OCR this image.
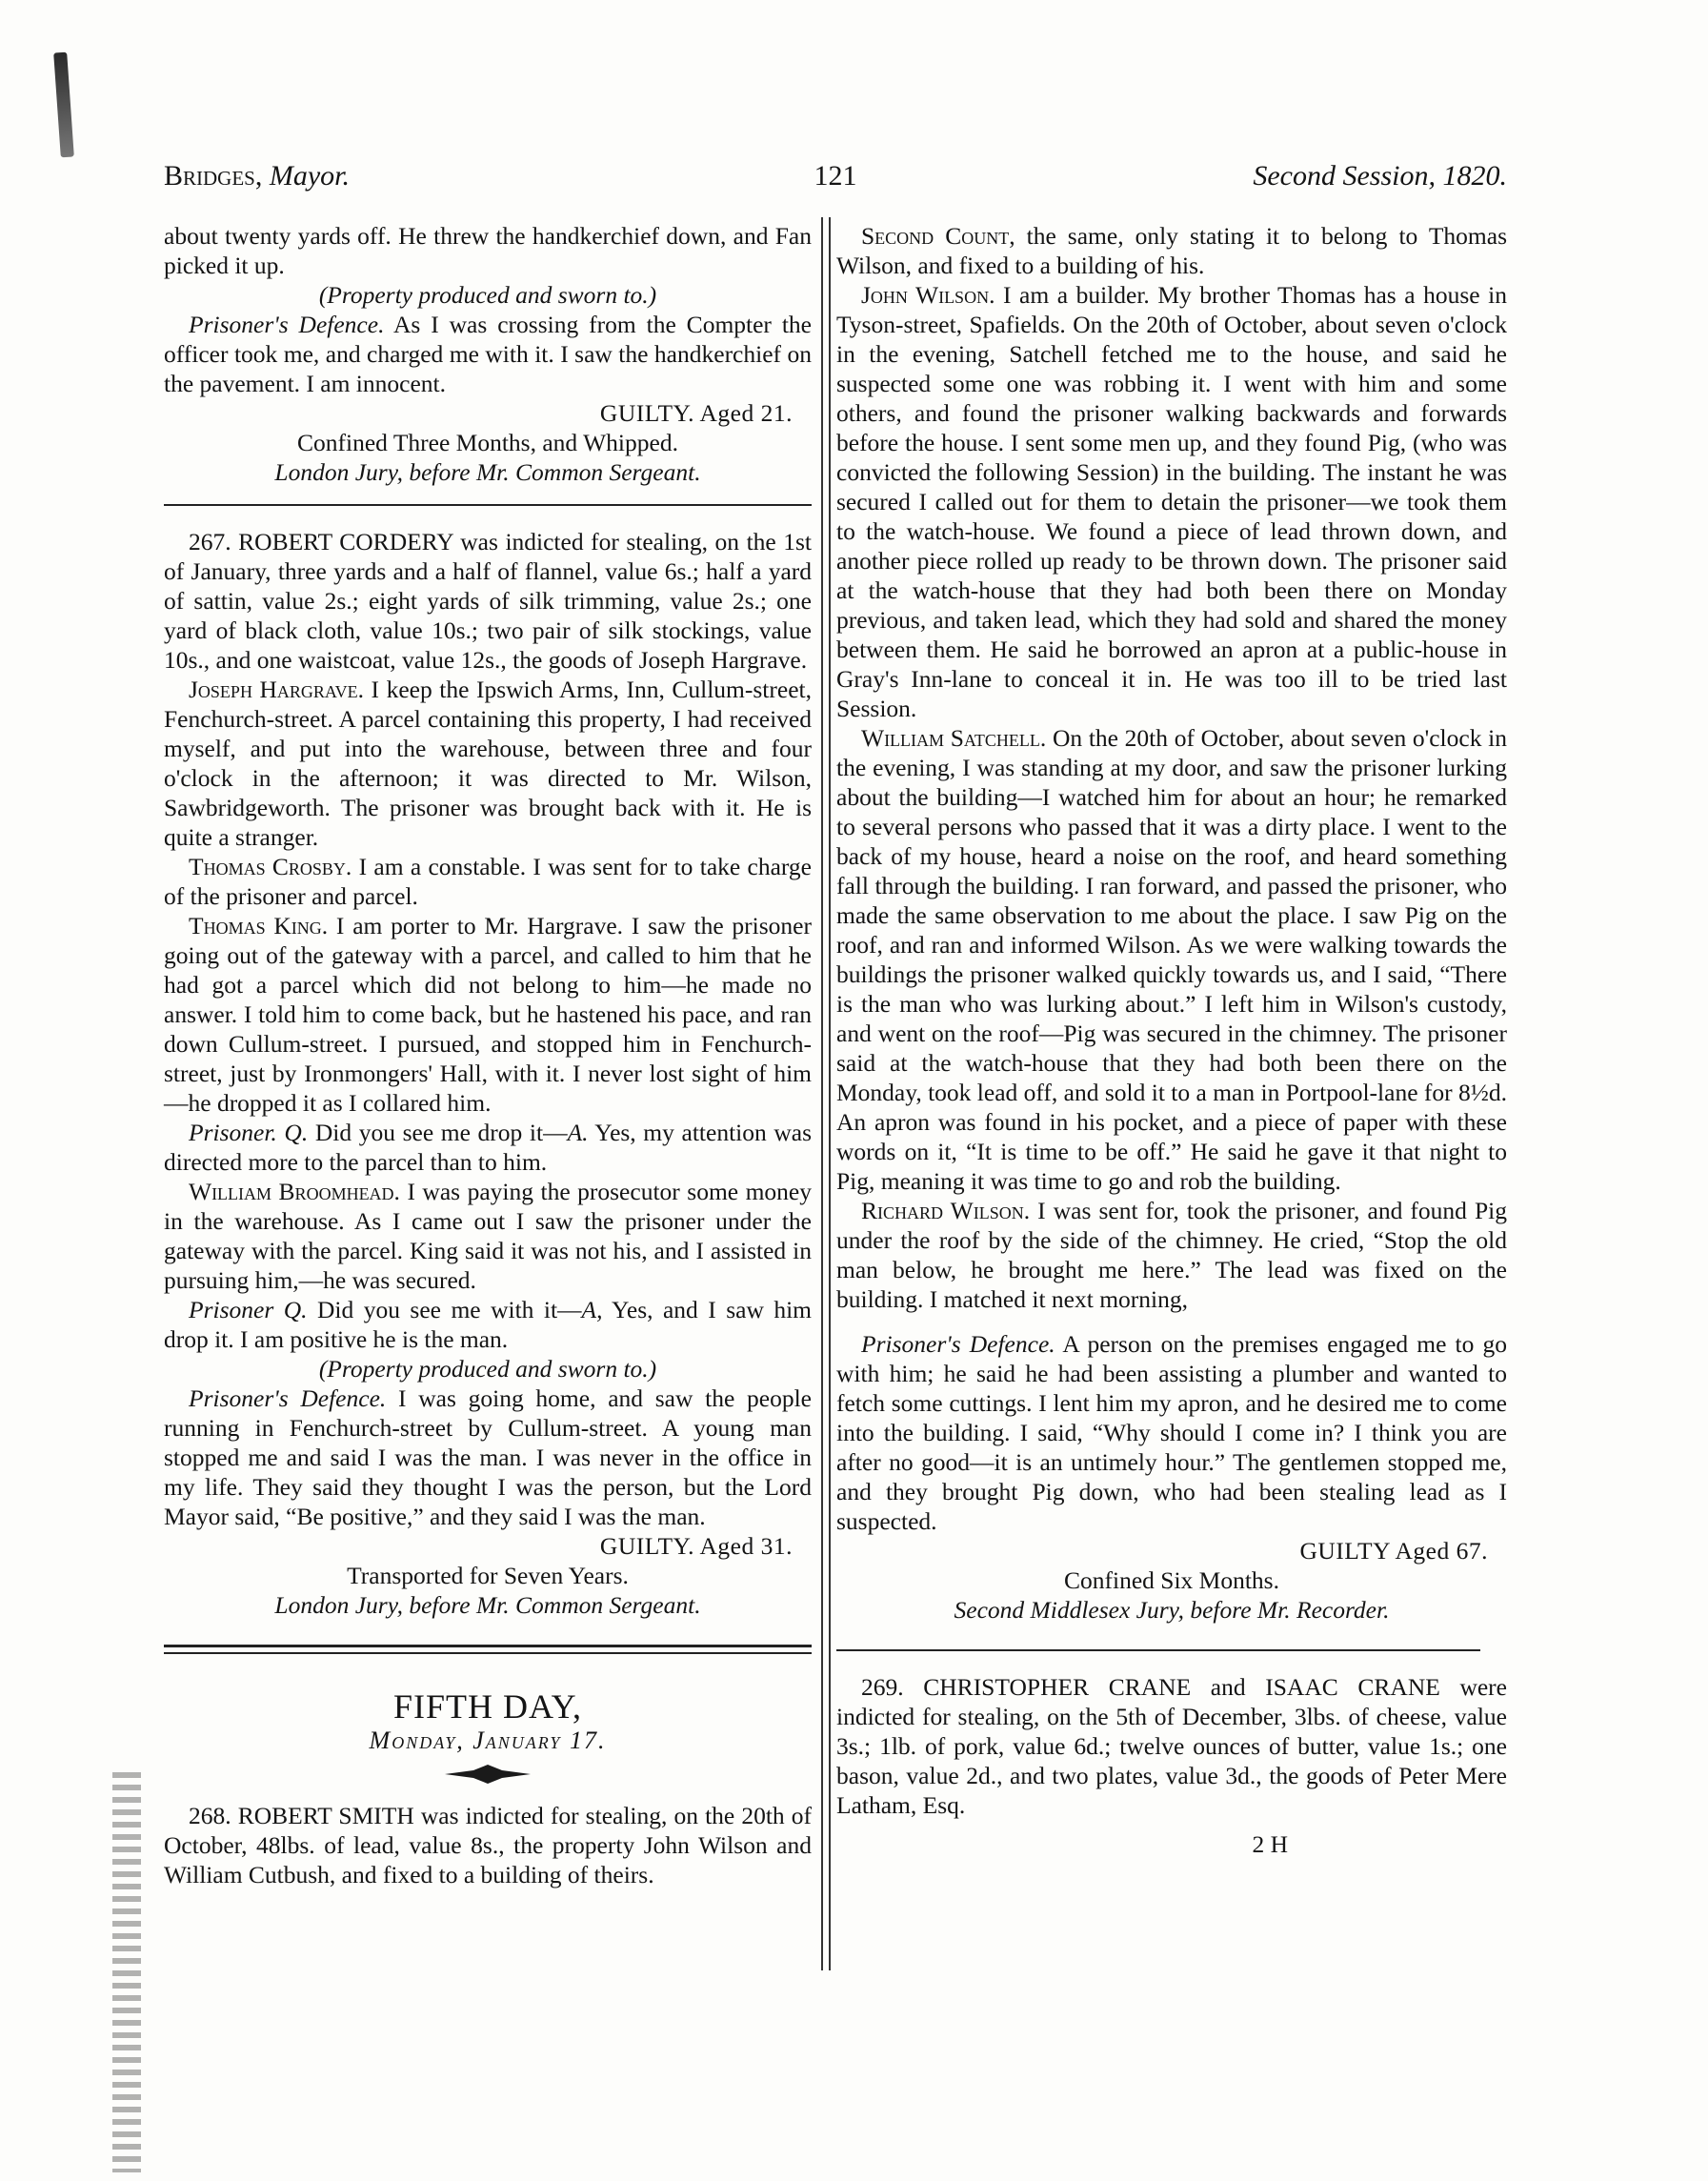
Bridges, Mayor.	121	Second Session, 1820.

about twenty yards off. He threw the handkerchief down, and Fan picked it up.

(Property produced and sworn to.)

Prisoner's Defence. As I was crossing from the Compter the officer took me, and charged me with it. I saw the handkerchief on the pavement. I am innocent.

GUILTY. Aged 21.

Confined Three Months, and Whipped.

London Jury, before Mr. Common Sergeant.

267. ROBERT CORDERY was indicted for stealing, on the 1st of January, three yards and a half of flannel, value 6s.; half a yard of sattin, value 2s.; eight yards of silk trimming, value 2s.; one yard of black cloth, value 10s.; two pair of silk stockings, value 10s., and one waistcoat, value 12s., the goods of Joseph Hargrave.

Joseph Hargrave. I keep the Ipswich Arms, Inn, Cullum-street, Fenchurch-street. A parcel containing this property, I had received myself, and put into the warehouse, between three and four o'clock in the afternoon; it was directed to Mr. Wilson, Sawbridgeworth. The prisoner was brought back with it. He is quite a stranger.

Thomas Crosby. I am a constable. I was sent for to take charge of the prisoner and parcel.

Thomas King. I am porter to Mr. Hargrave. I saw the prisoner going out of the gateway with a parcel, and called to him that he had got a parcel which did not belong to him—he made no answer. I told him to come back, but he hastened his pace, and ran down Cullum-street. I pursued, and stopped him in Fenchurch-street, just by Ironmongers' Hall, with it. I never lost sight of him—he dropped it as I collared him.

Prisoner. Q. Did you see me drop it—A. Yes, my attention was directed more to the parcel than to him.

William Broomhead. I was paying the prosecutor some money in the warehouse. As I came out I saw the prisoner under the gateway with the parcel. King said it was not his, and I assisted in pursuing him,—he was secured.

Prisoner Q. Did you see me with it—A, Yes, and I saw him drop it. I am positive he is the man.

(Property produced and sworn to.)

Prisoner's Defence. I was going home, and saw the people running in Fenchurch-street by Cullum-street. A young man stopped me and said I was the man. I was never in the office in my life. They said they thought I was the person, but the Lord Mayor said, “Be positive,” and they said I was the man.

GUILTY. Aged 31.

Transported for Seven Years.

London Jury, before Mr. Common Sergeant.

FIFTH DAY,
Monday, January 17.

268. ROBERT SMITH was indicted for stealing, on the 20th of October, 48lbs. of lead, value 8s., the property John Wilson and William Cutbush, and fixed to a building of theirs.

Second Count, the same, only stating it to belong to Thomas Wilson, and fixed to a building of his.

John Wilson. I am a builder. My brother Thomas has a house in Tyson-street, Spafields. On the 20th of October, about seven o'clock in the evening, Satchell fetched me to the house, and said he suspected some one was robbing it. I went with him and some others, and found the prisoner walking backwards and forwards before the house. I sent some men up, and they found Pig, (who was convicted the following Session) in the building. The instant he was secured I called out for them to detain the prisoner—we took them to the watch-house. We found a piece of lead thrown down, and another piece rolled up ready to be thrown down. The prisoner said at the watch-house that they had both been there on Monday previous, and taken lead, which they had sold and shared the money between them. He said he borrowed an apron at a public-house in Gray's Inn-lane to conceal it in. He was too ill to be tried last Session.

William Satchell. On the 20th of October, about seven o'clock in the evening, I was standing at my door, and saw the prisoner lurking about the building—I watched him for about an hour; he remarked to several persons who passed that it was a dirty place. I went to the back of my house, heard a noise on the roof, and heard something fall through the building. I ran forward, and passed the prisoner, who made the same observation to me about the place. I saw Pig on the roof, and ran and informed Wilson. As we were walking towards the buildings the prisoner walked quickly towards us, and I said, “There is the man who was lurking about.” I left him in Wilson's custody, and went on the roof—Pig was secured in the chimney. The prisoner said at the watch-house that they had both been there on the Monday, took lead off, and sold it to a man in Portpool-lane for 8½d. An apron was found in his pocket, and a piece of paper with these words on it, “It is time to be off.” He said he gave it that night to Pig, meaning it was time to go and rob the building.

Richard Wilson. I was sent for, took the prisoner, and found Pig under the roof by the side of the chimney. He cried, “Stop the old man below, he brought me here.” The lead was fixed on the building. I matched it next morning,

Prisoner's Defence. A person on the premises engaged me to go with him; he said he had been assisting a plumber and wanted to fetch some cuttings. I lent him my apron, and he desired me to come into the building. I said, “Why should I come in? I think you are after no good—it is an untimely hour.” The gentlemen stopped me, and they brought Pig down, who had been stealing lead as I suspected.

GUILTY Aged 67.

Confined Six Months.

Second Middlesex Jury, before Mr. Recorder.

269. CHRISTOPHER CRANE and ISAAC CRANE were indicted for stealing, on the 5th of December, 3lbs. of cheese, value 3s.; 1lb. of pork, value 6d.; twelve ounces of butter, value 1s.; one bason, value 2d., and two plates, value 3d., the goods of Peter Mere Latham, Esq.

2 H
